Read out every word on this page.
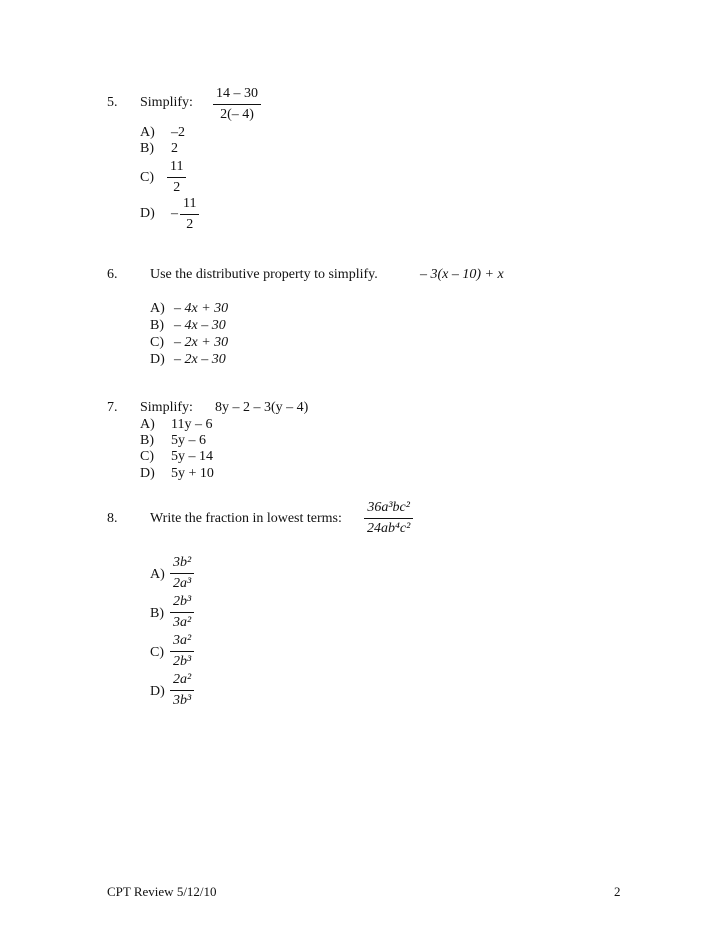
5. Simplify: $\frac{14 - 30}{2(- 4)}$
A) –2
B) 2
$C) \frac{11}{2}$
$D) - \frac{11}{2}$
6. Use the distributive property to simplify.	– 3(x – 10) + x
A) – 4x + 30
B) – 4x – 30
C) – 2x + 30
D) – 2x – 30
7. Simplify: 8y – 2 – 3(y – 4)
A) 11y – 6
B) 5y – 6
C) 5y – 14
D) 5y + 10
8. Write the fraction in lowest terms: $\frac{\text{36a³bc²}}{\text{24ab⁴c²}}$
$A) \frac{\text{3b²}}{\text{2a³}}$
$B) \frac{\text{2b³}}{\text{3a²}}$
$C) \frac{\text{3a²}}{\text{2b³}}$
$D) \frac{\text{2a²}}{\text{3b³}}$
CPT Review 5/12/10	2
